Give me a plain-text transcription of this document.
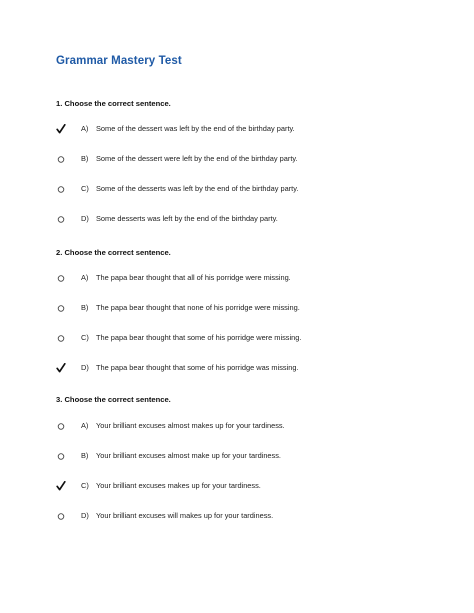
Grammar Mastery Test
1. Choose the correct sentence.
A) Some of the dessert was left by the end of the birthday party.
B) Some of the dessert were left by the end of the birthday party.
C) Some of the desserts was left by the end of the birthday party.
D) Some desserts was left by the end of the birthday party.
2. Choose the correct sentence.
A) The papa bear thought that all of his porridge were missing.
B) The papa bear thought that none of his porridge were missing.
C) The papa bear thought that some of his porridge were missing.
D) The papa bear thought that some of his porridge was missing.
3. Choose the correct sentence.
A) Your brilliant excuses almost makes up for your tardiness.
B) Your brilliant excuses almost make up for your tardiness.
C) Your brilliant excuses makes up for your tardiness.
D) Your brilliant excuses will makes up for your tardiness.
